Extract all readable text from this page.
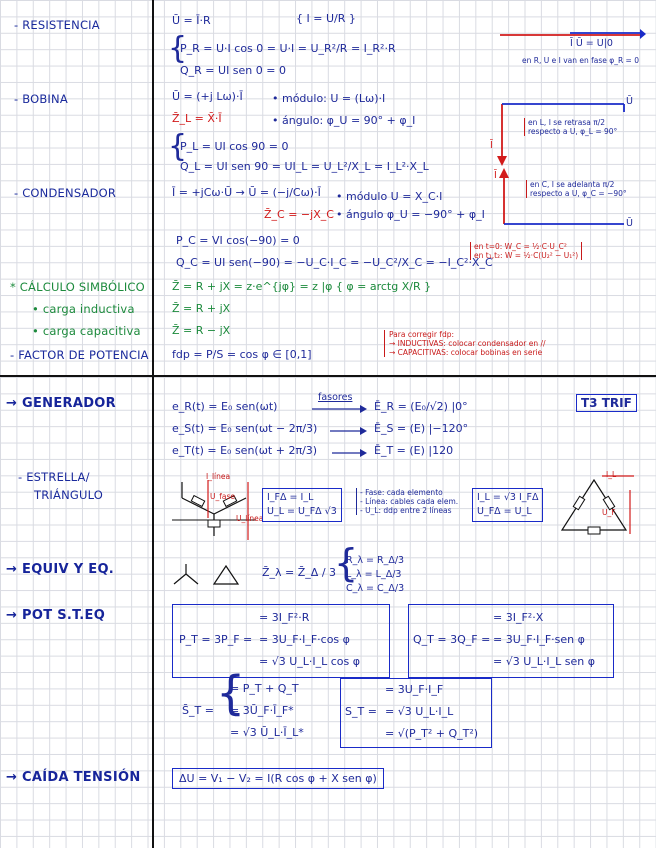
- RESISTENCIA
- BOBINA
- CONDENSADOR
* CÁLCULO SIMBÓLICO
• carga inductiva
• carga capacitiva
- FACTOR DE POTENCIA
→ GENERADOR
- ESTRELLA/
TRIÁNGULO
→ EQUIV Y EQ.
→ POT S.T.EQ
→ CAÍDA TENSIÓN
Ū = Ī·R	{ I = U/R }
{
P_R = U·I cos 0 = U·I = U_R²/R = I_R²·R
Q_R = UI sen 0 = 0
Ī Ū = U|0
en R, U e I van en fase φ_R = 0
Ū = (+j Lω)·Ī	• módulo: U = (Lω)·I
Z̄_L = X̄·Ī	• ángulo: φ_U = 90° + φ_I
{
P_L = UI cos 90 = 0
Q_L = UI sen 90 = UI_L = U_L²/X_L = I_L²·X_L
Ū
Ī
en L, I se retrasa π/2 respecto a U, φ_L = 90°
Ī = +jCω·Ū → Ū = (−j/Cω)·Ī • módulo U = X_C·I
Z̄_C = −jX_C • ángulo φ_U = −90° + φ_I
P_C = VI cos(−90) = 0
Q_C = UI sen(−90) = −U_C·I_C = −U_C²/X_C = −I_C²·X_C
Ū
Ī
en C, I se adelanta π/2 respecto a U, φ_C = −90°
en t=0: W_C = ½·C·U_C²
en t₁,t₂: W = ½·C(U₂² − U₁²)
Z̄ = R + jX = z·e^{jφ} = z |φ { φ = arctg X/R }
Z̄ = R + jX
Z̄ = R − jX
fdp = P/S = cos φ ∈ [0,1]
Para corregir fdp:
→ INDUCTIVAS: colocar condensador en //
→ CAPACITIVAS: colocar bobinas en serie
T3 TRIF
e_R(t) = E₀ sen(ωt)
fasores
Ē_R = (E₀/√2) |0°
e_S(t) = E₀ sen(ωt − 2π/3)	Ē_S = (E) |−120°
e_T(t) = E₀ sen(ωt + 2π/3)	Ē_T = (E) |120
I_línea
U_fase
U_línea
I_FΔ = I_L
U_L = U_FΔ √3
- Fase: cada elemento
- Línea: cables cada elem.
- U_L: ddp entre 2 líneas
I_L = √3 I_FΔ
U_FΔ = U_L
I_L
U_F
Z̄_λ = Z̄_Δ / 3
{
R_λ = R_Δ/3
L_λ = L_Δ/3
C_λ = C_Δ/3
P_T = 3P_F =
= 3I_F²·R
= 3U_F·I_F·cos φ
= √3 U_L·I_L cos φ
Q_T = 3Q_F =
= 3I_F²·X
= 3U_F·I_F·sen φ
= √3 U_L·I_L sen φ
S̄_T = {
= P_T + Q_T
= 3Ū_F·Ī_F*
= √3 Ū_L·Ī_L*
S_T =
= 3U_F·I_F
= √3 U_L·I_L
= √(P_T² + Q_T²)
ΔU = V₁ − V₂ = I(R cos φ + X sen φ)
